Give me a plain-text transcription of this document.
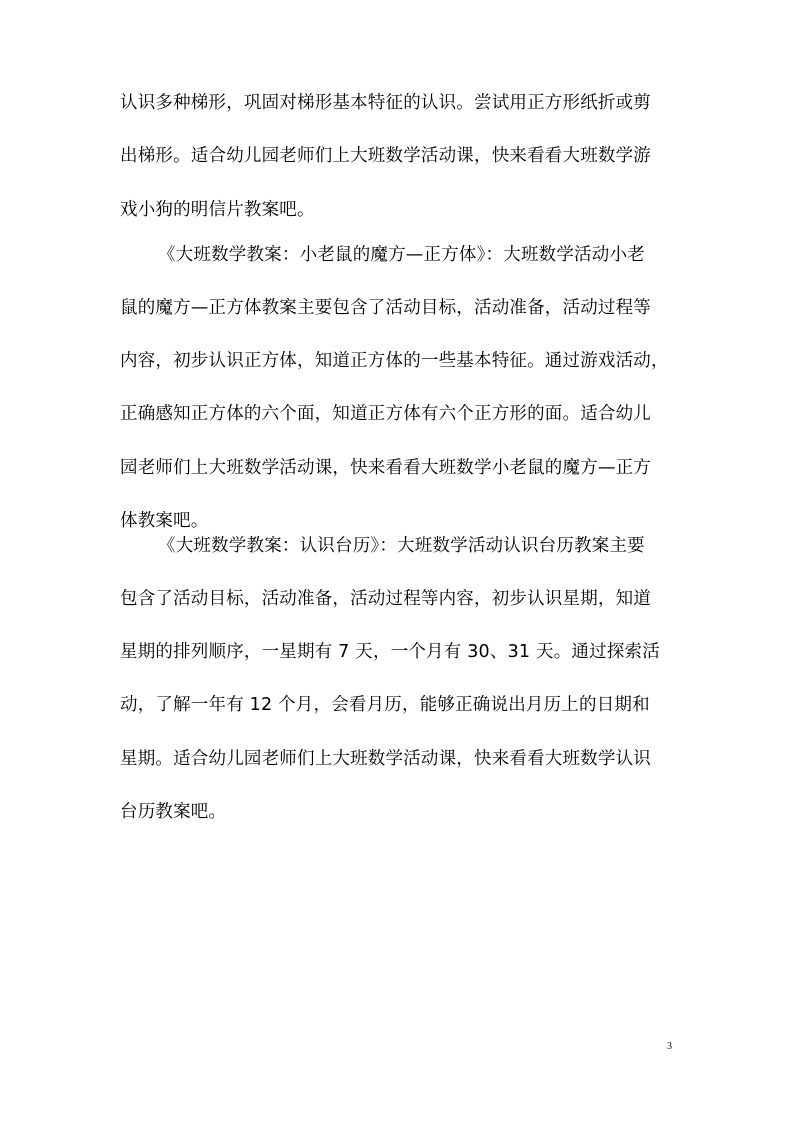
认识多种梯形，巩固对梯形基本特征的认识。尝试用正方形纸折或剪
出梯形。适合幼儿园老师们上大班数学活动课，快来看看大班数学游
戏小狗的明信片教案吧。
《大班数学教案：小老鼠的魔方—正方体》：大班数学活动小老
鼠的魔方—正方体教案主要包含了活动目标，活动准备，活动过程等
内容，初步认识正方体，知道正方体的一些基本特征。通过游戏活动，
正确感知正方体的六个面，知道正方体有六个正方形的面。适合幼儿
园老师们上大班数学活动课，快来看看大班数学小老鼠的魔方—正方
体教案吧。
《大班数学教案：认识台历》：大班数学活动认识台历教案主要
包含了活动目标，活动准备，活动过程等内容，初步认识星期，知道
星期的排列顺序，一星期有 7 天，一个月有 30、31 天。通过探索活
动，了解一年有 12 个月，会看月历，能够正确说出月历上的日期和
星期。适合幼儿园老师们上大班数学活动课，快来看看大班数学认识
台历教案吧。
3
